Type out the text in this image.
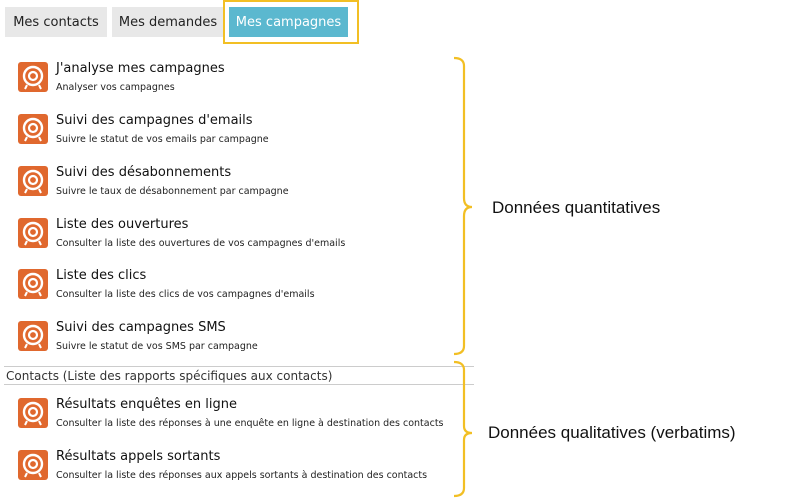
Mes contacts	Mes demandes	Mes campagnes
J'analyse mes campagnes
Analyser vos campagnes
Suivi des campagnes d'emails
Suivre le statut de vos emails par campagne
Suivi des désabonnements
Suivre le taux de désabonnement par campagne
Liste des ouvertures
Consulter la liste des ouvertures de vos campagnes d'emails
Liste des clics
Consulter la liste des clics de vos campagnes d'emails
Suivi des campagnes SMS
Suivre le statut de vos SMS par campagne
Contacts (Liste des rapports spécifiques aux contacts)
Résultats enquêtes en ligne
Consulter la liste des réponses à une enquête en ligne à destination des contacts
Résultats appels sortants
Consulter la liste des réponses aux appels sortants à destination des contacts
Données quantitatives
Données qualitatives (verbatims)
